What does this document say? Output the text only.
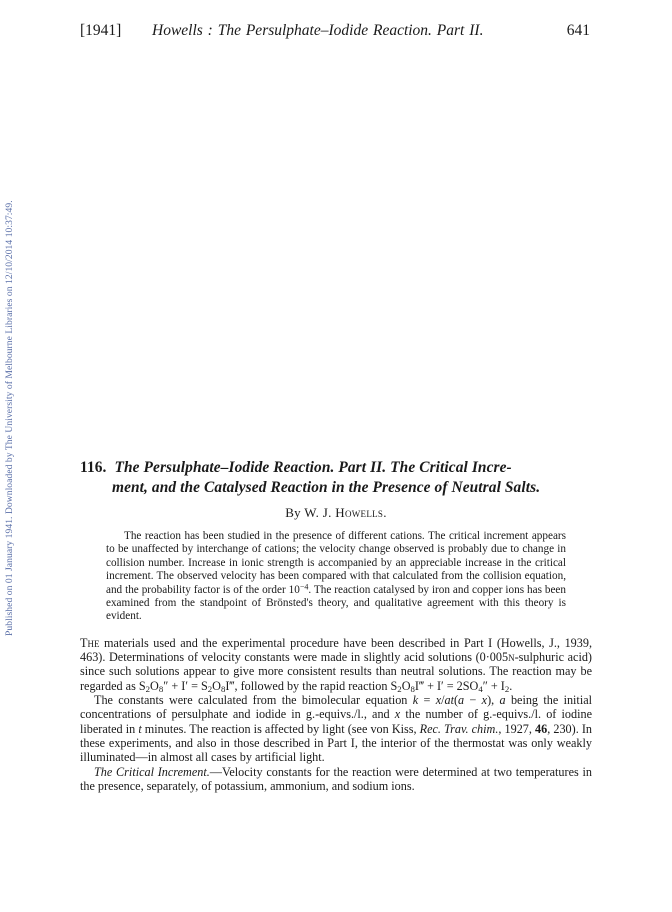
Published on 01 January 1941. Downloaded by The University of Melbourne Libraries on 12/10/2014 10:37:49.
[1941] Howells : The Persulphate–Iodide Reaction. Part II.	641
116. The Persulphate–Iodide Reaction. Part II. The Critical Incre-
ment, and the Catalysed Reaction in the Presence of Neutral Salts.
By W. J. Howells.

The reaction has been studied in the presence of different cations. The critical increment appears to be unaffected by interchange of cations; the velocity change observed is probably due to change in collision number. Increase in ionic strength is accompanied by an appreciable increase in the critical increment. The observed velocity has been compared with that calculated from the collision equation, and the probability factor is of the order $10^{-4}$. The reaction catalysed by iron and copper ions has been examined from the standpoint of Brönsted's theory, and qualitative agreement with this theory is evident.

The materials used and the experimental procedure have been described in Part I (Howells, J., 1939, 463). Determinations of velocity constants were made in slightly acid solutions (0·005n-sulphuric acid) since such solutions appear to give more consistent results than neutral solutions. The reaction may be regarded as $S_2O_8'' + I'$ = $S_2O_8I‴$, followed by the rapid reaction $S_2O_8I‴ + I' = 2SO_4'' + I_2$.

The constants were calculated from the bimolecular equation k = x/at(a − x), a being the initial concentrations of persulphate and iodide in g.-equivs./l., and x the number of g.-equivs./l. of iodine liberated in t minutes. The reaction is affected by light (see von Kiss, Rec. Trav. chim., 1927, 46, 230). In these experiments, and also in those described in Part I, the interior of the thermostat was only weakly illuminated—in almost all cases by artificial light.

The Critical Increment.—Velocity constants for the reaction were determined at two temperatures in the presence, separately, of potassium, ammonium, and sodium ions.
